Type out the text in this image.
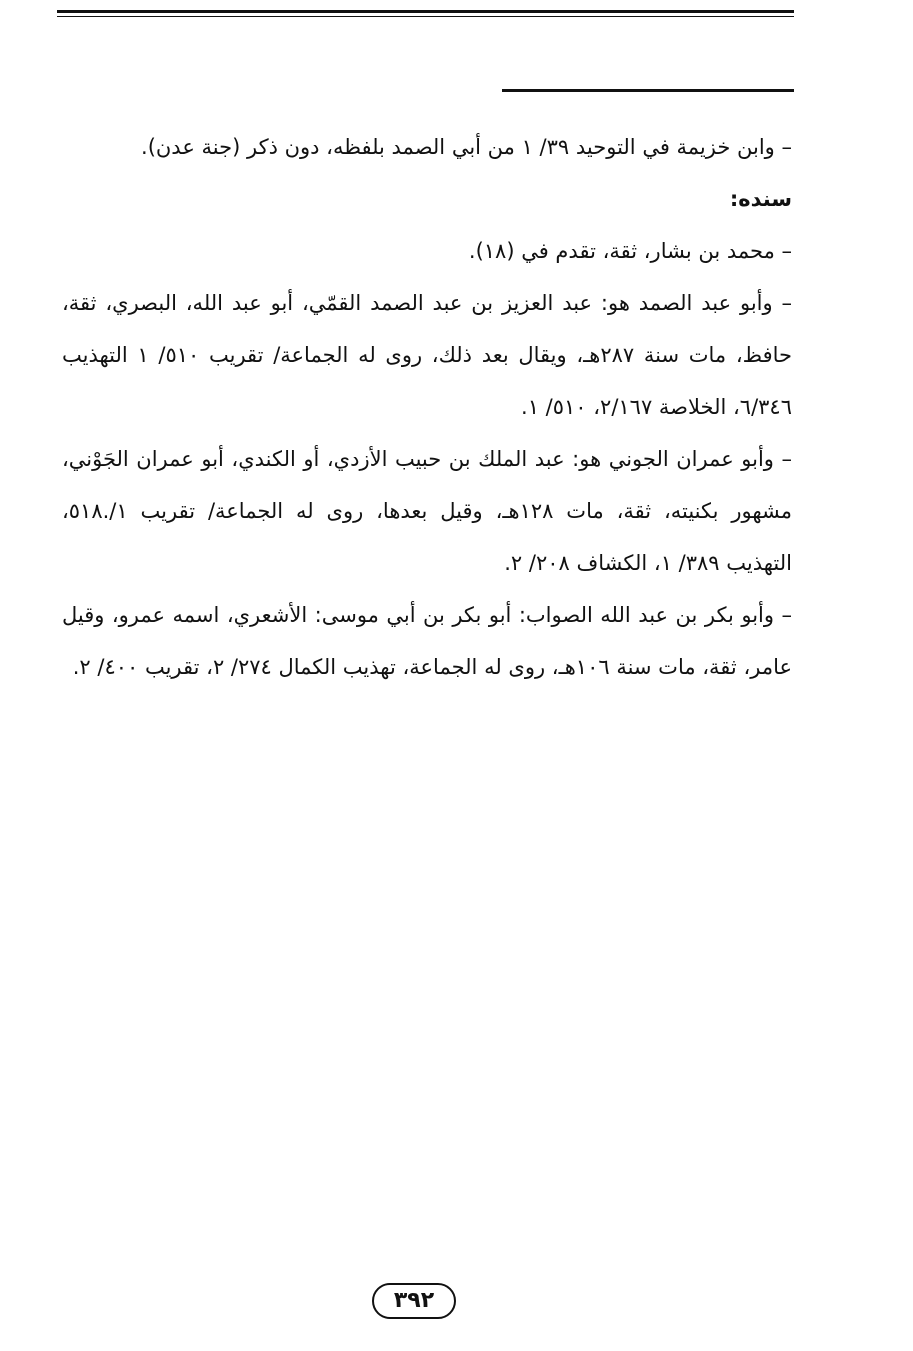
– وابن خزيمة في التوحيد ٣٩/ ١ من أبي الصمد بلفظه، دون ذكر (جنة عدن).

سنده:

– محمد بن بشار، ثقة، تقدم في (١٨).

– وأبو عبد الصمد هو: عبد العزيز بن عبد الصمد القمّي، أبو عبد الله، البصري، ثقة، حافظ، مات سنة ٢٨٧هـ، ويقال بعد ذلك، روى له الجماعة/ تقريب ٥١٠/ ١ التهذيب ٦/٣٤٦، الخلاصة ٢/١٦٧، ٥١٠/ ١.

– وأبو عمران الجوني هو: عبد الملك بن حبيب الأزدي، أو الكندي، أبو عمران الجَوْني، مشهور بكنيته، ثقة، مات ١٢٨هـ، وقيل بعدها، روى له الجماعة/ تقريب ١/.٥١٨، التهذيب ٣٨٩/ ١، الكشاف ٢٠٨/ ٢.

– وأبو بكر بن عبد الله الصواب: أبو بكر بن أبي موسى: الأشعري، اسمه عمرو، وقيل عامر، ثقة، مات سنة ١٠٦هـ، روى له الجماعة، تهذيب الكمال ٢٧٤/ ٢، تقريب ٤٠٠/ ٢.

٣٩٢
